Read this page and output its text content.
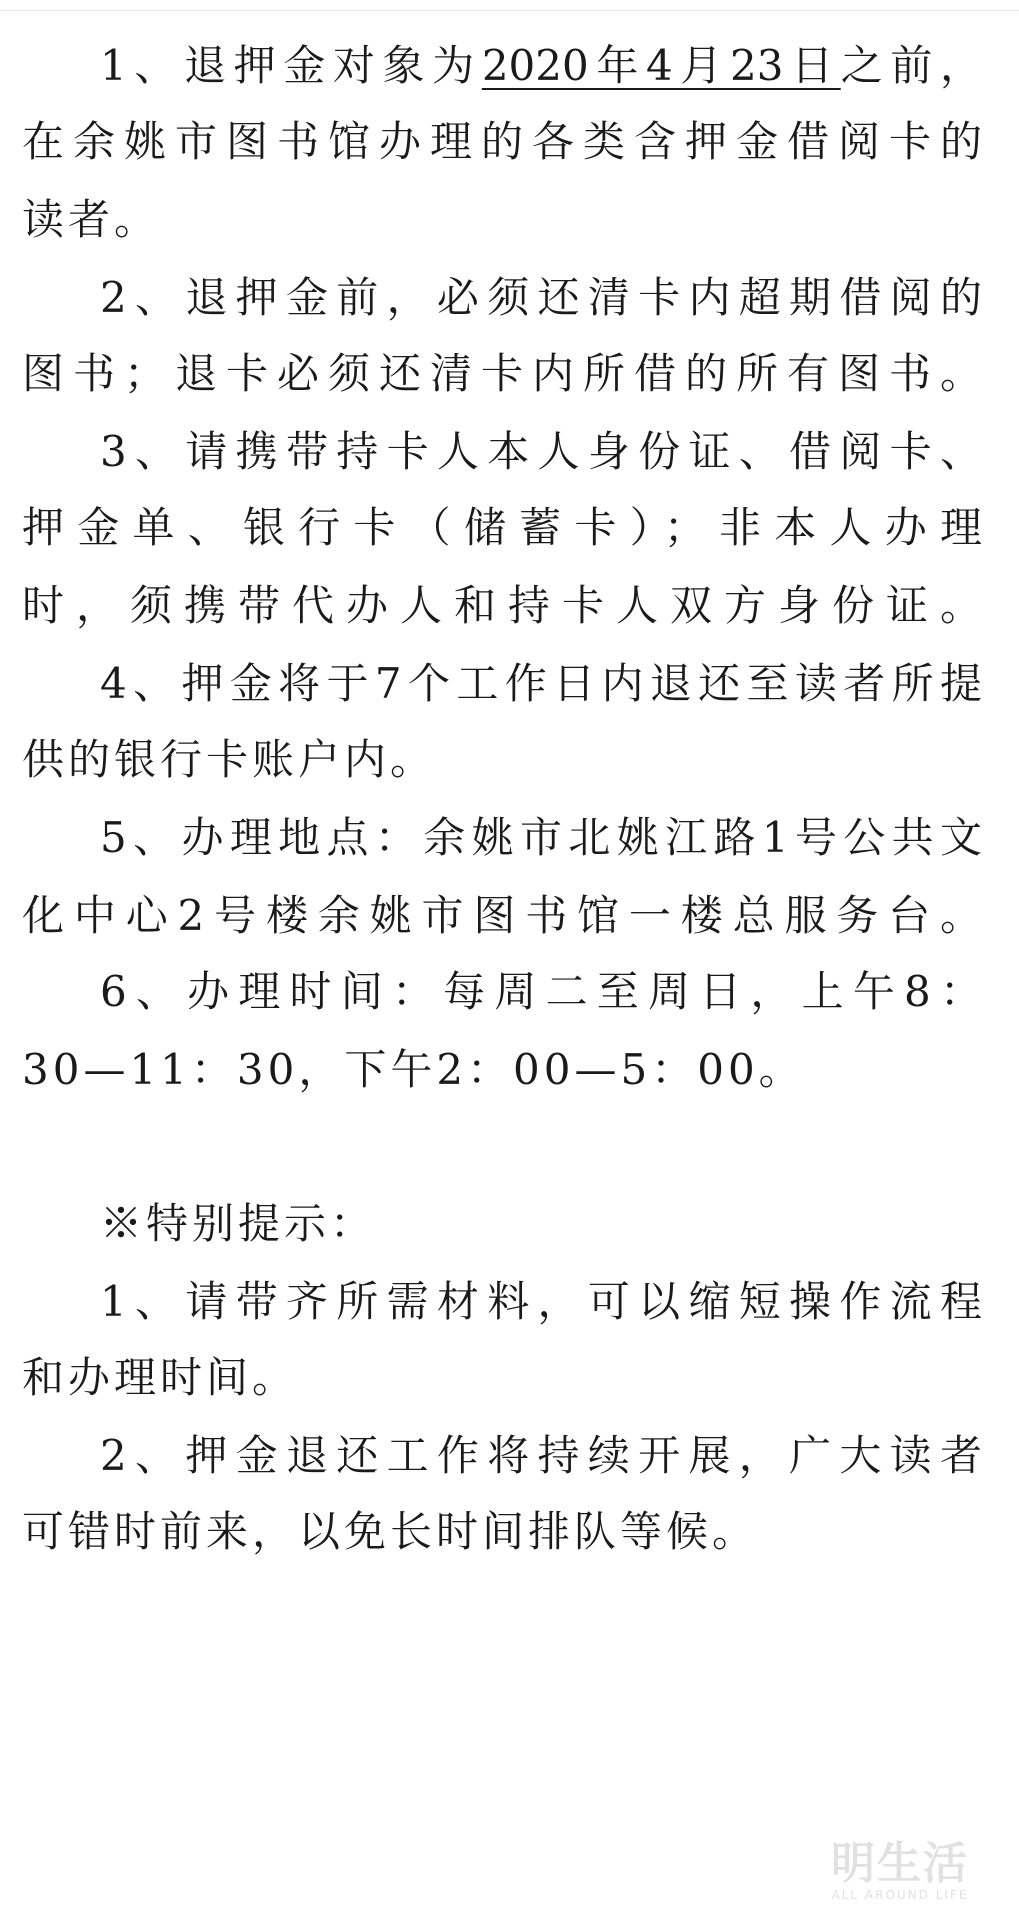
1、退押金对象为2020年4月23日之前，
在余姚市图书馆办理的各类含押金借阅卡的
读者。
2、退押金前，必须还清卡内超期借阅的
图书；退卡必须还清卡内所借的所有图书。
3、请携带持卡人本人身份证、借阅卡、
押金单、银行卡（储蓄卡）；非本人办理
时，须携带代办人和持卡人双方身份证。
4、押金将于7个工作日内退还至读者所提
供的银行卡账户内。
5、办理地点：余姚市北姚江路1号公共文
化中心2号楼余姚市图书馆一楼总服务台。
6、办理时间：每周二至周日，上午8：
30—11：30，下午2：00—5：00。
※特别提示：
1、请带齐所需材料，可以缩短操作流程
和办理时间。
2、押金退还工作将持续开展，广大读者
可错时前来，以免长时间排队等候。
明生活
ALL AROUND LIFE
